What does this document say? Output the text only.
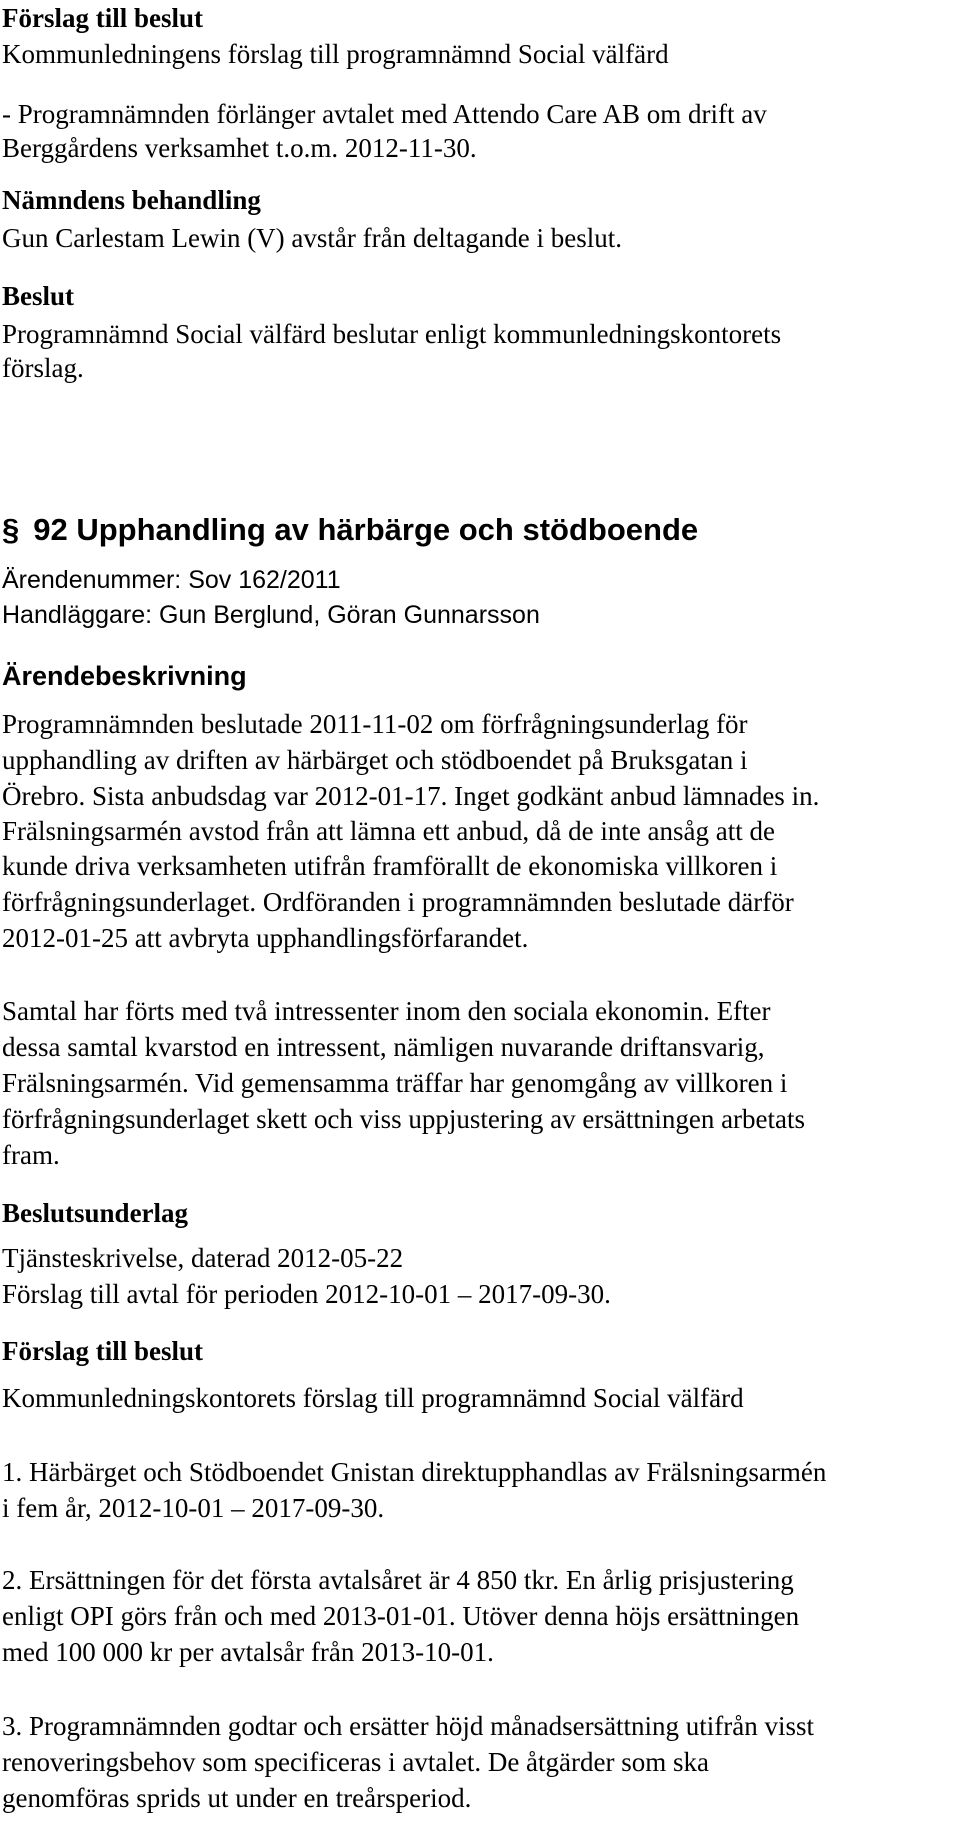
Förslag till beslut
Kommunledningens förslag till programnämnd Social välfärd
- Programnämnden förlänger avtalet med Attendo Care AB om drift av
Berggårdens verksamhet t.o.m. 2012-11-30.
Nämndens behandling
Gun Carlestam Lewin (V) avstår från deltagande i beslut.
Beslut
Programnämnd Social välfärd beslutar enligt kommunledningskontorets
förslag.
§ 92 Upphandling av härbärge och stödboende
Ärendenummer: Sov 162/2011
Handläggare: Gun Berglund, Göran Gunnarsson
Ärendebeskrivning
Programnämnden beslutade 2011-11-02 om förfrågningsunderlag för
upphandling av driften av härbärget och stödboendet på Bruksgatan i
Örebro. Sista anbudsdag var 2012-01-17. Inget godkänt anbud lämnades in.
Frälsningsarmén avstod från att lämna ett anbud, då de inte ansåg att de
kunde driva verksamheten utifrån framförallt de ekonomiska villkoren i
förfrågningsunderlaget. Ordföranden i programnämnden beslutade därför
2012-01-25 att avbryta upphandlingsförfarandet.
Samtal har förts med två intressenter inom den sociala ekonomin. Efter
dessa samtal kvarstod en intressent, nämligen nuvarande driftansvarig,
Frälsningsarmén. Vid gemensamma träffar har genomgång av villkoren i
förfrågningsunderlaget skett och viss uppjustering av ersättningen arbetats
fram.
Beslutsunderlag
Tjänsteskrivelse, daterad 2012-05-22
Förslag till avtal för perioden 2012-10-01 – 2017-09-30.
Förslag till beslut
Kommunledningskontorets förslag till programnämnd Social välfärd
1. Härbärget och Stödboendet Gnistan direktupphandlas av Frälsningsarmén
i fem år, 2012-10-01 – 2017-09-30.
2. Ersättningen för det första avtalsåret är 4 850 tkr. En årlig prisjustering
enligt OPI görs från och med 2013-01-01. Utöver denna höjs ersättningen
med 100 000 kr per avtalsår från 2013-10-01.
3. Programnämnden godtar och ersätter höjd månadsersättning utifrån visst
renoveringsbehov som specificeras i avtalet. De åtgärder som ska
genomföras sprids ut under en treårsperiod.
